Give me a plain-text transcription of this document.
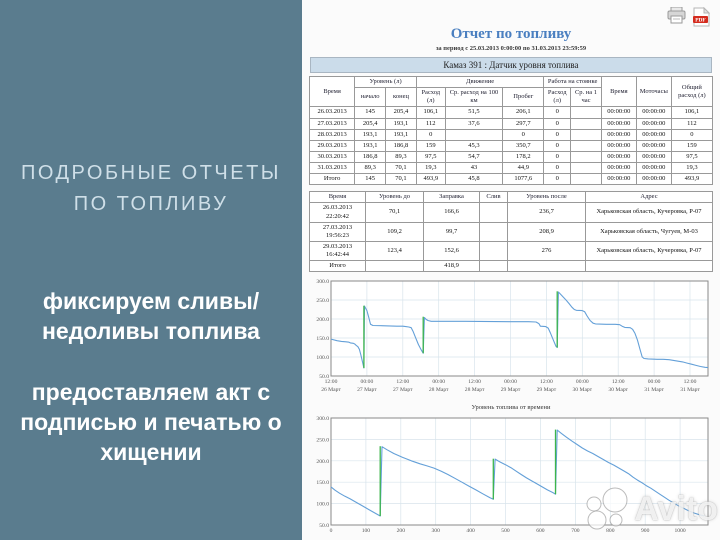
ПОДРОБНЫЕ ОТЧЕТЫ
ПО ТОПЛИВУ
фиксируем сливы/
недоливы топлива
предоставляем акт с
подписью и печатью о
хищении
PDF
Отчет по топливу
за период с 25.03.2013 0:00:00 по 31.03.2013 23:59:59
Камаз 391 : Датчик уровня топлива
Время	Уровень (л)		Движение			Работа на стоянке		Время	Моточасы	Общий расход (л)
	начало	конец	Расход (л)	Ср. расход на 100 км	Пробег	Расход (л)	Ср. на 1 час			
26.03.2013	145	205,4	106,1	51,5	206,1	0		00:00:00	00:00:00	106,1
27.03.2013	205,4	193,1	112	37,6	297,7	0		00:00:00	00:00:00	112
28.03.2013	193,1	193,1	0		0	0		00:00:00	00:00:00	0
29.03.2013	193,1	186,8	159	45,3	350,7	0		00:00:00	00:00:00	159
30.03.2013	186,8	89,3	97,5	54,7	178,2	0		00:00:00	00:00:00	97,5
31.03.2013	89,3	70,1	19,3	43	44,9	0		00:00:00	00:00:00	19,3
Итого	145	70,1	493,9	45,8	1077,6	0		00:00:00	00:00:00	493,9
Время	Уровень до	Заправка	Слив	Уровень после	Адрес
26.03.2013 22:20:42	70,1	166,6		236,7	Харьковская область, Кучеровка, Р-07
27.03.2013 19:56:23	109,2	99,7		208,9	Харьковская область, Чугуев, М-03
29.03.2013 16:42:44	123,4	152,6		276	Харьковская область, Кучеровка, Р-07
Итого		418,9			
50.0
100.0
150.0
200.0
250.0
300.0
12:00
26 Март
00:00
27 Март
12:00
27 Март
00:00
28 Март
12:00
28 Март
00:00
29 Март
12:00
29 Март
00:00
30 Март
12:00
30 Март
00:00
31 Март
12:00
31 Март
Уровень топлива от времени
50.0
100.0
150.0
200.0
250.0
300.0
0	100	200	300	400	500	600	700	800	900	1000
Avito
